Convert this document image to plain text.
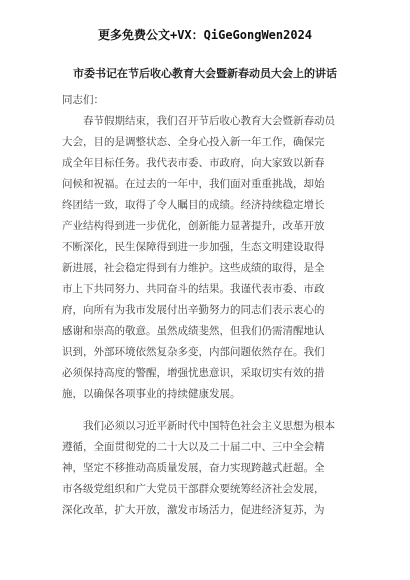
更多免费公文+VX：QiGeGongWen2024
市委书记在节后收心教育大会暨新春动员大会上的讲话
同志们：
　　春节假期结束，我们召开节后收心教育大会暨新春动员
大会，目的是调整状态、全身心投入新一年工作，确保完
成全年目标任务。我代表市委、市政府，向大家致以新春
问候和祝福。在过去的一年中，我们面对重重挑战，却始
终团结一致，取得了令人瞩目的成绩。经济持续稳定增长
产业结构得到进一步优化，创新能力显著提升，改革开放
不断深化，民生保障得到进一步加强，生态文明建设取得
新进展，社会稳定得到有力维护。这些成绩的取得，是全
市上下共同努力、共同奋斗的结果。我谨代表市委、市政
府，向所有为我市发展付出辛勤努力的同志们表示衷心的
感谢和崇高的敬意。虽然成绩斐然，但我们仍需清醒地认
识到，外部环境依然复杂多变，内部问题依然存在。我们
必须保持高度的警醒，增强忧患意识，采取切实有效的措
施，以确保各项事业的持续健康发展。
　　我们必须以习近平新时代中国特色社会主义思想为根本
遵循，全面贯彻党的二十大以及二十届二中、三中全会精
神，坚定不移推动高质量发展，奋力实现跨越式赶超。全
市各级党组织和广大党员干部群众要统筹经济社会发展，
深化改革，扩大开放，激发市场活力，促进经济复苏，为
